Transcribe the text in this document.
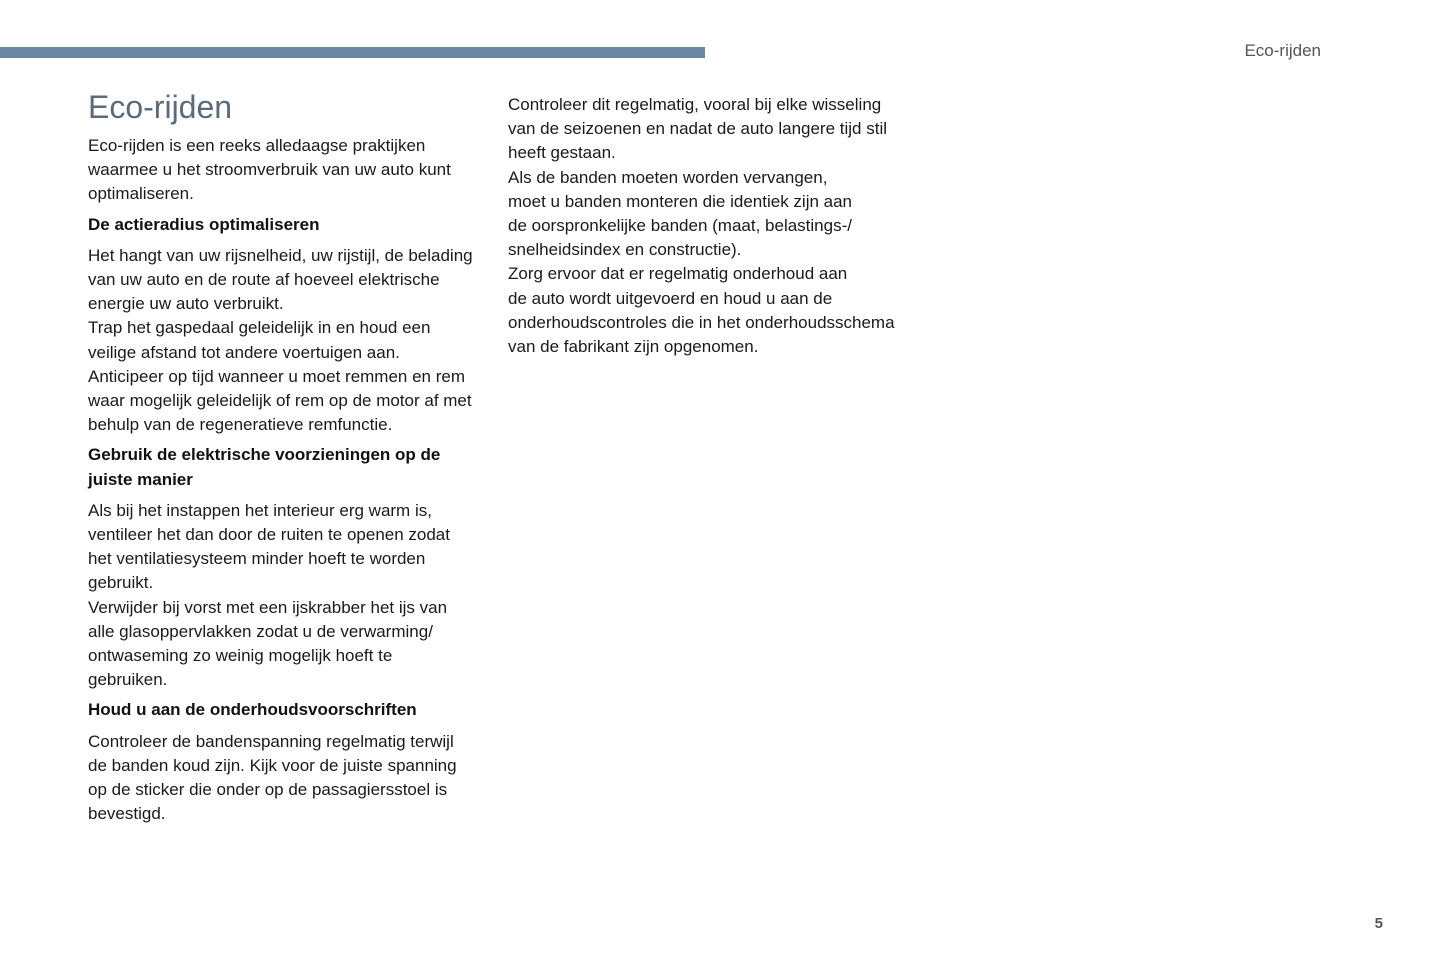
Eco-rijden
Eco-rijden

Eco-rijden is een reeks alledaagse praktijken
waarmee u het stroomverbruik van uw auto kunt
optimaliseren.

De actieradius optimaliseren

Het hangt van uw rijsnelheid, uw rijstijl, de belading
van uw auto en de route af hoeveel elektrische
energie uw auto verbruikt.
Trap het gaspedaal geleidelijk in en houd een
veilige afstand tot andere voertuigen aan.
Anticipeer op tijd wanneer u moet remmen en rem
waar mogelijk geleidelijk of rem op de motor af met
behulp van de regeneratieve remfunctie.

Gebruik de elektrische voorzieningen op de
juiste manier

Als bij het instappen het interieur erg warm is,
ventileer het dan door de ruiten te openen zodat
het ventilatiesysteem minder hoeft te worden
gebruikt.
Verwijder bij vorst met een ijskrabber het ijs van
alle glasoppervlakken zodat u de verwarming/
ontwaseming zo weinig mogelijk hoeft te
gebruiken.

Houd u aan de onderhoudsvoorschriften

Controleer de bandenspanning regelmatig terwijl
de banden koud zijn. Kijk voor de juiste spanning
op de sticker die onder op de passagiersstoel is
bevestigd.

Controleer dit regelmatig, vooral bij elke wisseling
van de seizoenen en nadat de auto langere tijd stil
heeft gestaan.
Als de banden moeten worden vervangen,
moet u banden monteren die identiek zijn aan
de oorspronkelijke banden (maat, belastings-/
snelheidsindex en constructie).
Zorg ervoor dat er regelmatig onderhoud aan
de auto wordt uitgevoerd en houd u aan de
onderhoudscontroles die in het onderhoudsschema
van de fabrikant zijn opgenomen.

5
